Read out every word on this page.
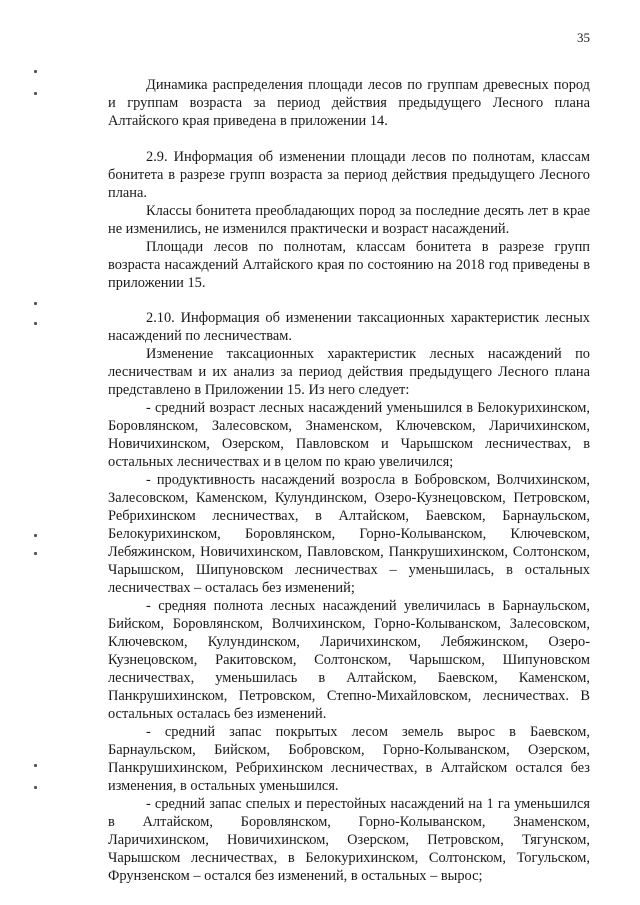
35

Динамика распределения площади лесов по группам древесных пород и группам возраста за период действия предыдущего Лесного плана Алтайского края приведена в приложении 14.

2.9. Информация об изменении площади лесов по полнотам, классам бонитета в разрезе групп возраста за период действия предыдущего Лесного плана.

Классы бонитета преобладающих пород за последние десять лет в крае не изменились, не изменился практически и возраст насаждений.

Площади лесов по полнотам, классам бонитета в разрезе групп возраста насаждений Алтайского края по состоянию на 2018 год приведены в приложении 15.

2.10. Информация об изменении таксационных характеристик лесных насаждений по лесничествам.

Изменение таксационных характеристик лесных насаждений по лесничествам и их анализ за период действия предыдущего Лесного плана представлено в Приложении 15. Из него следует:

- средний возраст лесных насаждений уменьшился в Белокурихинском, Боровлянском, Залесовском, Знаменском, Ключевском, Ларичихинском, Новичихинском, Озерском, Павловском и Чарышском лесничествах, в остальных лесничествах и в целом по краю увеличился;

- продуктивность насаждений возросла в Бобровском, Волчихинском, Залесовском, Каменском, Кулундинском, Озеро-Кузнецовском, Петровском, Ребрихинском лесничествах, в Алтайском, Баевском, Барнаульском, Белокурихинском, Боровлянском, Горно-Колыванском, Ключевском, Лебяжинском, Новичихинском, Павловском, Панкрушихинском, Солтонском, Чарышском, Шипуновском лесничествах – уменьшилась, в остальных лесничествах – осталась без изменений;

- средняя полнота лесных насаждений увеличилась в Барнаульском, Бийском, Боровлянском, Волчихинском, Горно-Колыванском, Залесовском, Ключевском, Кулундинском, Ларичихинском, Лебяжинском, Озеро-Кузнецовском, Ракитовском, Солтонском, Чарышском, Шипуновском лесничествах, уменьшилась в Алтайском, Баевском, Каменском, Панкрушихинском, Петровском, Степно-Михайловском, лесничествах. В остальных осталась без изменений.

- средний запас покрытых лесом земель вырос в Баевском, Барнаульском, Бийском, Бобровском, Горно-Колыванском, Озерском, Панкрушихинском, Ребрихинском лесничествах, в Алтайском остался без изменения, в остальных уменьшился.

- средний запас спелых и перестойных насаждений на 1 га уменьшился в Алтайском, Боровлянском, Горно-Колыванском, Знаменском, Ларичихинском, Новичихинском, Озерском, Петровском, Тягунском, Чарышском лесничествах, в Белокурихинском, Солтонском, Тогульском, Фрунзенском – остался без изменений, в остальных – вырос;
